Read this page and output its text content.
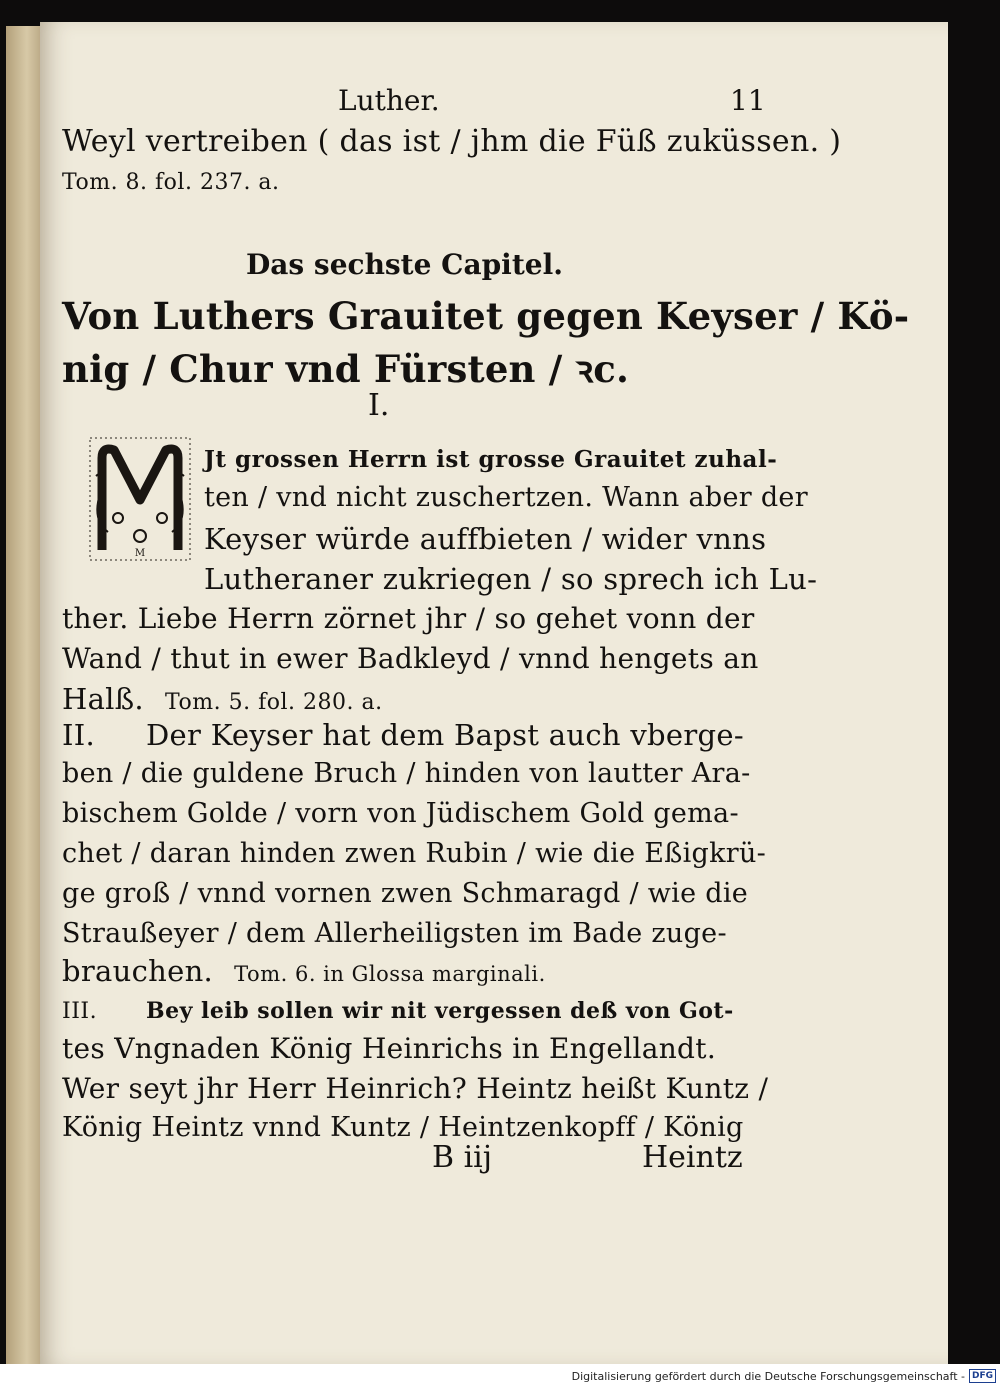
Luther.	11
Weyl vertreiben ( das ist / jhm die Füß zuküssen. )
Tom. 8. fol. 237. a.
Das sechste Capitel.
Von Luthers Grauitet gegen Keyser / Kö-
nig / Chur vnd Fürsten / ꝛc.
I.
M
Jt grossen Herrn ist grosse Grauitet zuhal-
ten / vnd nicht zuschertzen. Wann aber der
Keyser würde auffbieten / wider vnns
Lutheraner zukriegen / so sprech ich Lu-
ther. Liebe Herrn zörnet jhr / so gehet vonn der
Wand / thut in ewer Badkleyd / vnnd hengets an
Halß. Tom. 5. fol. 280. a.
II. Der Keyser hat dem Bapst auch vberge-
ben / die guldene Bruch / hinden von lautter Ara-
bischem Golde / vorn von Jüdischem Gold gema-
chet / daran hinden zwen Rubin / wie die Eßigkrü-
ge groß / vnnd vornen zwen Schmaragd / wie die
Straußeyer / dem Allerheiligsten im Bade zuge-
brauchen. Tom. 6. in Glossa marginali.
III. Bey leib sollen wir nit vergessen deß von Got-
tes Vngnaden König Heinrichs in Engellandt.
Wer seyt jhr Herr Heinrich? Heintz heißt Kuntz /
König Heintz vnnd Kuntz / Heintzenkopff / König
B iij	Heintz
Digitalisierung gefördert durch die Deutsche Forschungsgemeinschaft - DFG
